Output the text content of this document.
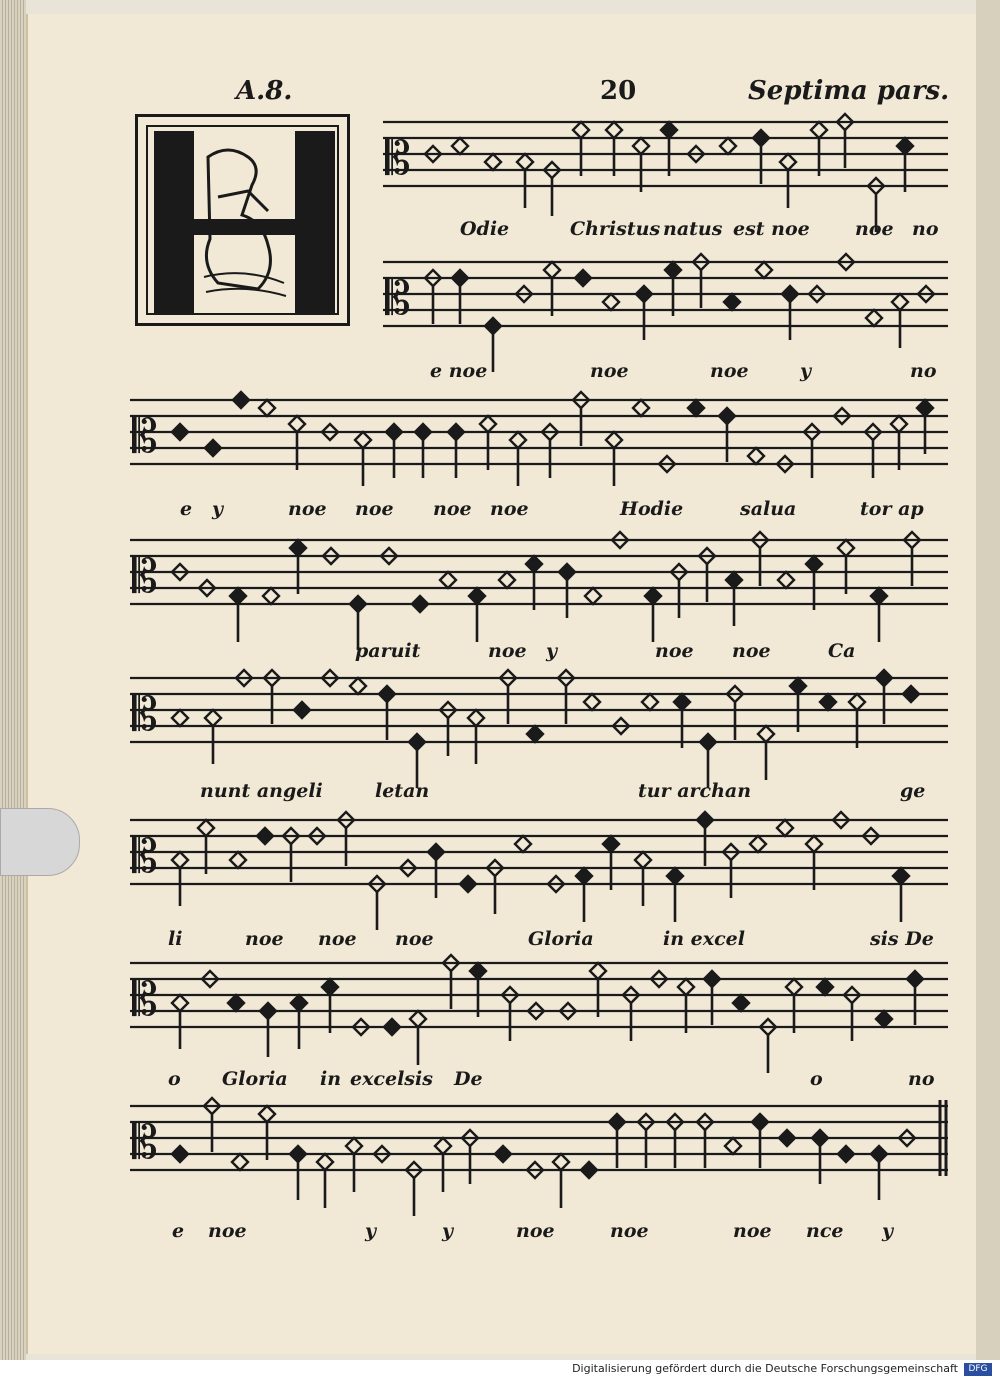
A.8.	20	Septima pars.
𝄡
𝄡
𝄡
𝄡
𝄡
𝄡
𝄡
𝄡
Odie	Christus natus est noe noe no
e noe	noe	noe	y	no
e y	noe noe noe noe	Hodie	salua	tor ap
paruit	noe y	noe noe	Ca
nunt angeli	letan	tur archan	ge
li	noe noe noe	Gloria	in excel	sis De
o Gloria in excelsis De	o	no
e noe	y	y	noe	noe	noe nce y
Digitalisierung gefördert durch die Deutsche Forschungsgemeinschaft	DFG
